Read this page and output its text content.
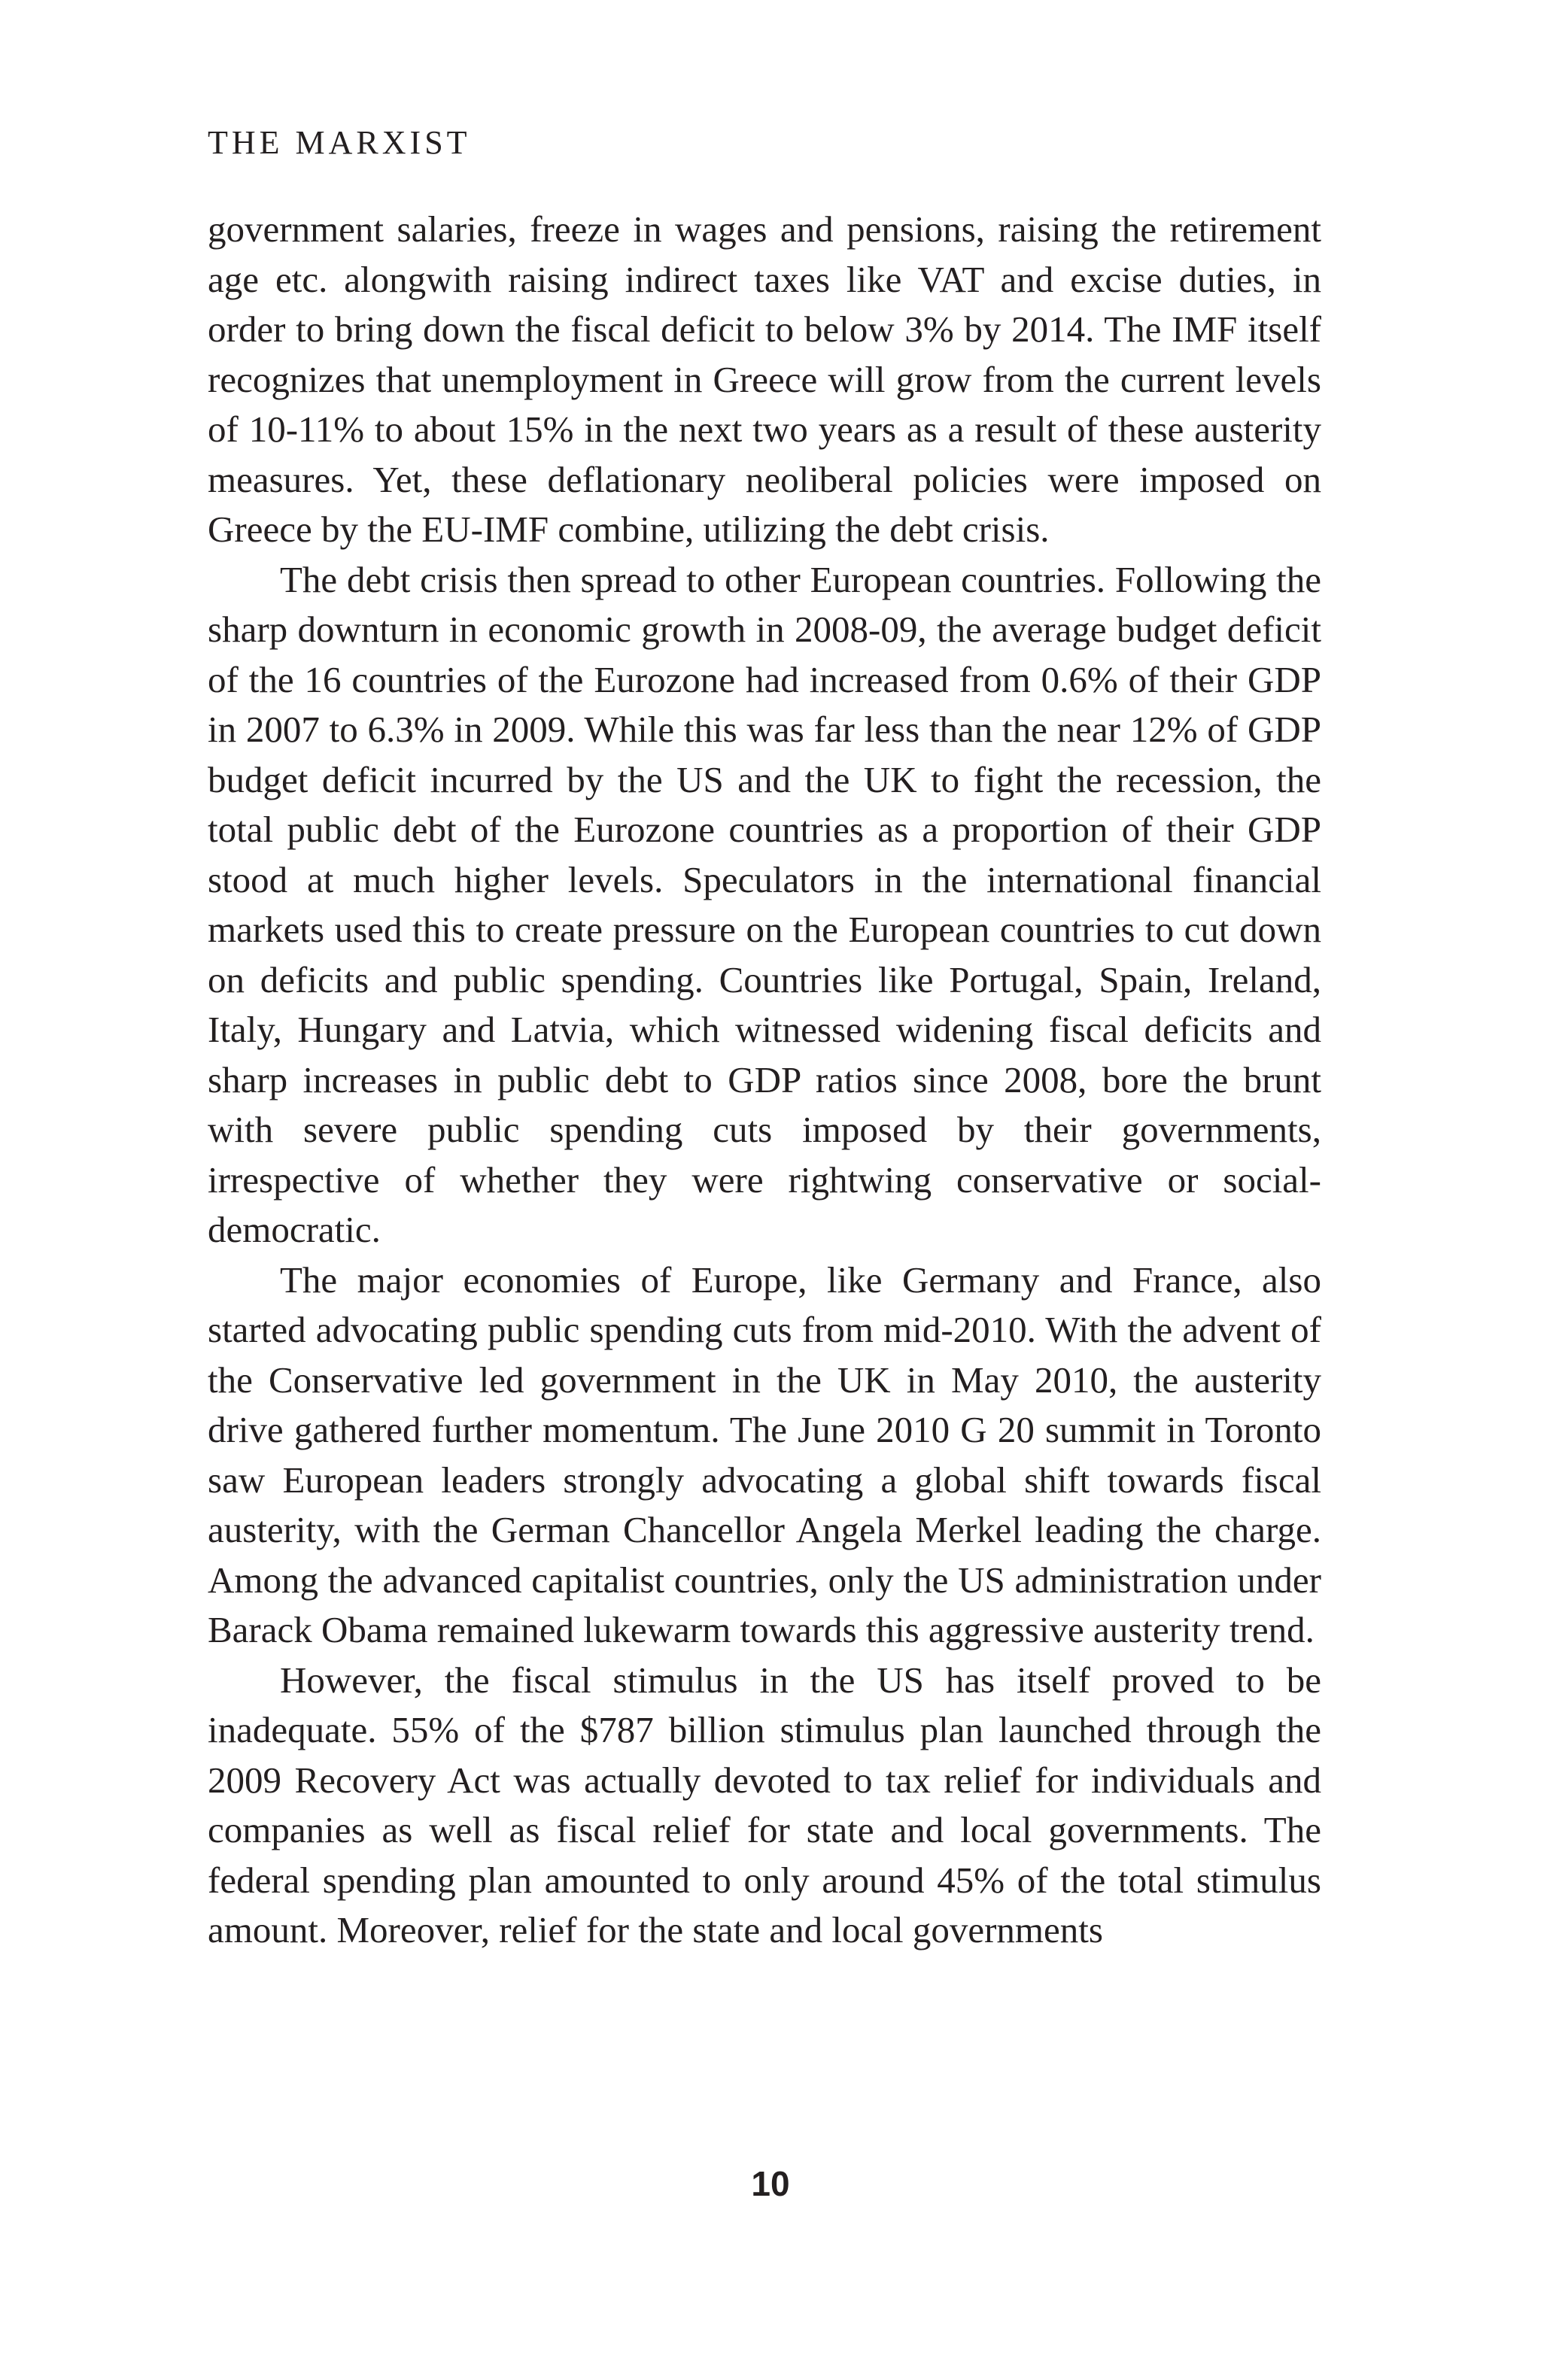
THE MARXIST

government salaries, freeze in wages and pensions, raising the retirement age etc. alongwith raising indirect taxes like VAT and excise duties, in order to bring down the fiscal deficit to below 3% by 2014. The IMF itself recognizes that unemployment in Greece will grow from the current levels of 10-11% to about 15% in the next two years as a result of these austerity measures. Yet, these deflationary neoliberal policies were imposed on Greece by the EU-IMF combine, utilizing the debt crisis.

The debt crisis then spread to other European countries. Following the sharp downturn in economic growth in 2008-09, the average budget deficit of the 16 countries of the Eurozone had increased from 0.6% of their GDP in 2007 to 6.3% in 2009. While this was far less than the near 12% of GDP budget deficit incurred by the US and the UK to fight the recession, the total public debt of the Eurozone countries as a proportion of their GDP stood at much higher levels. Speculators in the international financial markets used this to create pressure on the European countries to cut down on deficits and public spending. Countries like Portugal, Spain, Ireland, Italy, Hungary and Latvia, which witnessed widening fiscal deficits and sharp increases in public debt to GDP ratios since 2008, bore the brunt with severe public spending cuts imposed by their governments, irrespective of whether they were rightwing conservative or social-democratic.

The major economies of Europe, like Germany and France, also started advocating public spending cuts from mid-2010. With the advent of the Conservative led government in the UK in May 2010, the austerity drive gathered further momentum. The June 2010 G 20 summit in Toronto saw European leaders strongly advocating a global shift towards fiscal austerity, with the German Chancellor Angela Merkel leading the charge. Among the advanced capitalist countries, only the US administration under Barack Obama remained lukewarm towards this aggressive austerity trend.

However, the fiscal stimulus in the US has itself proved to be inadequate. 55% of the $787 billion stimulus plan launched through the 2009 Recovery Act was actually devoted to tax relief for individuals and companies as well as fiscal relief for state and local governments. The federal spending plan amounted to only around 45% of the total stimulus amount. Moreover, relief for the state and local governments

10
